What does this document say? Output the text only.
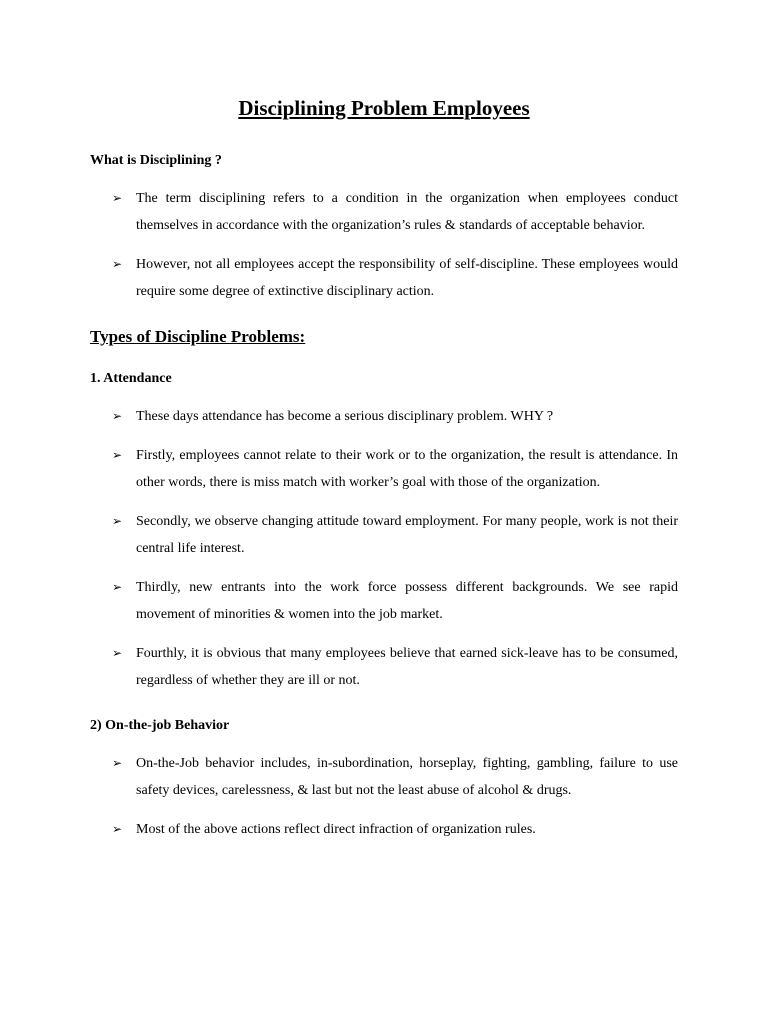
Disciplining Problem Employees
What is Disciplining ?
➢ The term disciplining refers to a condition in the organization when employees conduct themselves in accordance with the organization’s rules & standards of acceptable behavior.
➢ However, not all employees accept the responsibility of self-discipline. These employees would require some degree of extinctive disciplinary action.
Types of Discipline Problems:
1. Attendance
➢ These days attendance has become a serious disciplinary problem. WHY ?
➢ Firstly, employees cannot relate to their work or to the organization, the result is attendance. In other words, there is miss match with worker’s goal with those of the organization.
➢ Secondly, we observe changing attitude toward employment. For many people, work is not their central life interest.
➢ Thirdly, new entrants into the work force possess different backgrounds. We see rapid movement of minorities & women into the job market.
➢ Fourthly, it is obvious that many employees believe that earned sick-leave has to be consumed, regardless of whether they are ill or not.
2) On-the-job Behavior
➢ On-the-Job behavior includes, in-subordination, horseplay, fighting, gambling, failure to use safety devices, carelessness, & last but not the least abuse of alcohol & drugs.
➢ Most of the above actions reflect direct infraction of organization rules.
